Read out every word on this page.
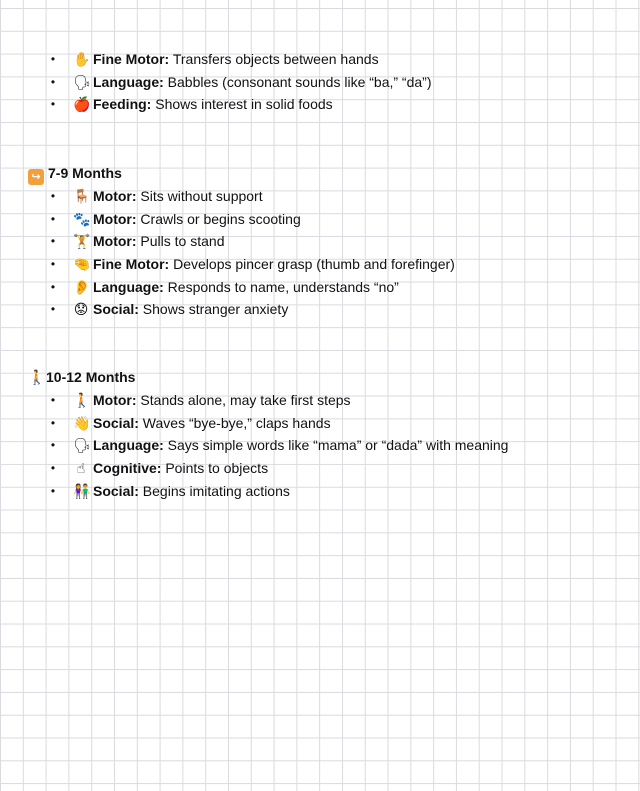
• ✋ Fine Motor: Transfers objects between hands
• 🗣 Language: Babbles (consonant sounds like “ba,” “da”)
• 🍎 Feeding: Shows interest in solid foods
↪ 7-9 Months
• 🪑 Motor: Sits without support
• 🐾 Motor: Crawls or begins scooting
• 🏋 Motor: Pulls to stand
• 🤏 Fine Motor: Develops pincer grasp (thumb and forefinger)
• 👂 Language: Responds to name, understands “no”
• 😟 Social: Shows stranger anxiety
🚶10-12 Months
• 🚶 Motor: Stands alone, may take first steps
• 👋 Social: Waves “bye-bye,” claps hands
• 🗣 Language: Says simple words like “mama” or “dada” with meaning
• ☝ Cognitive: Points to objects
• 👫 Social: Begins imitating actions
